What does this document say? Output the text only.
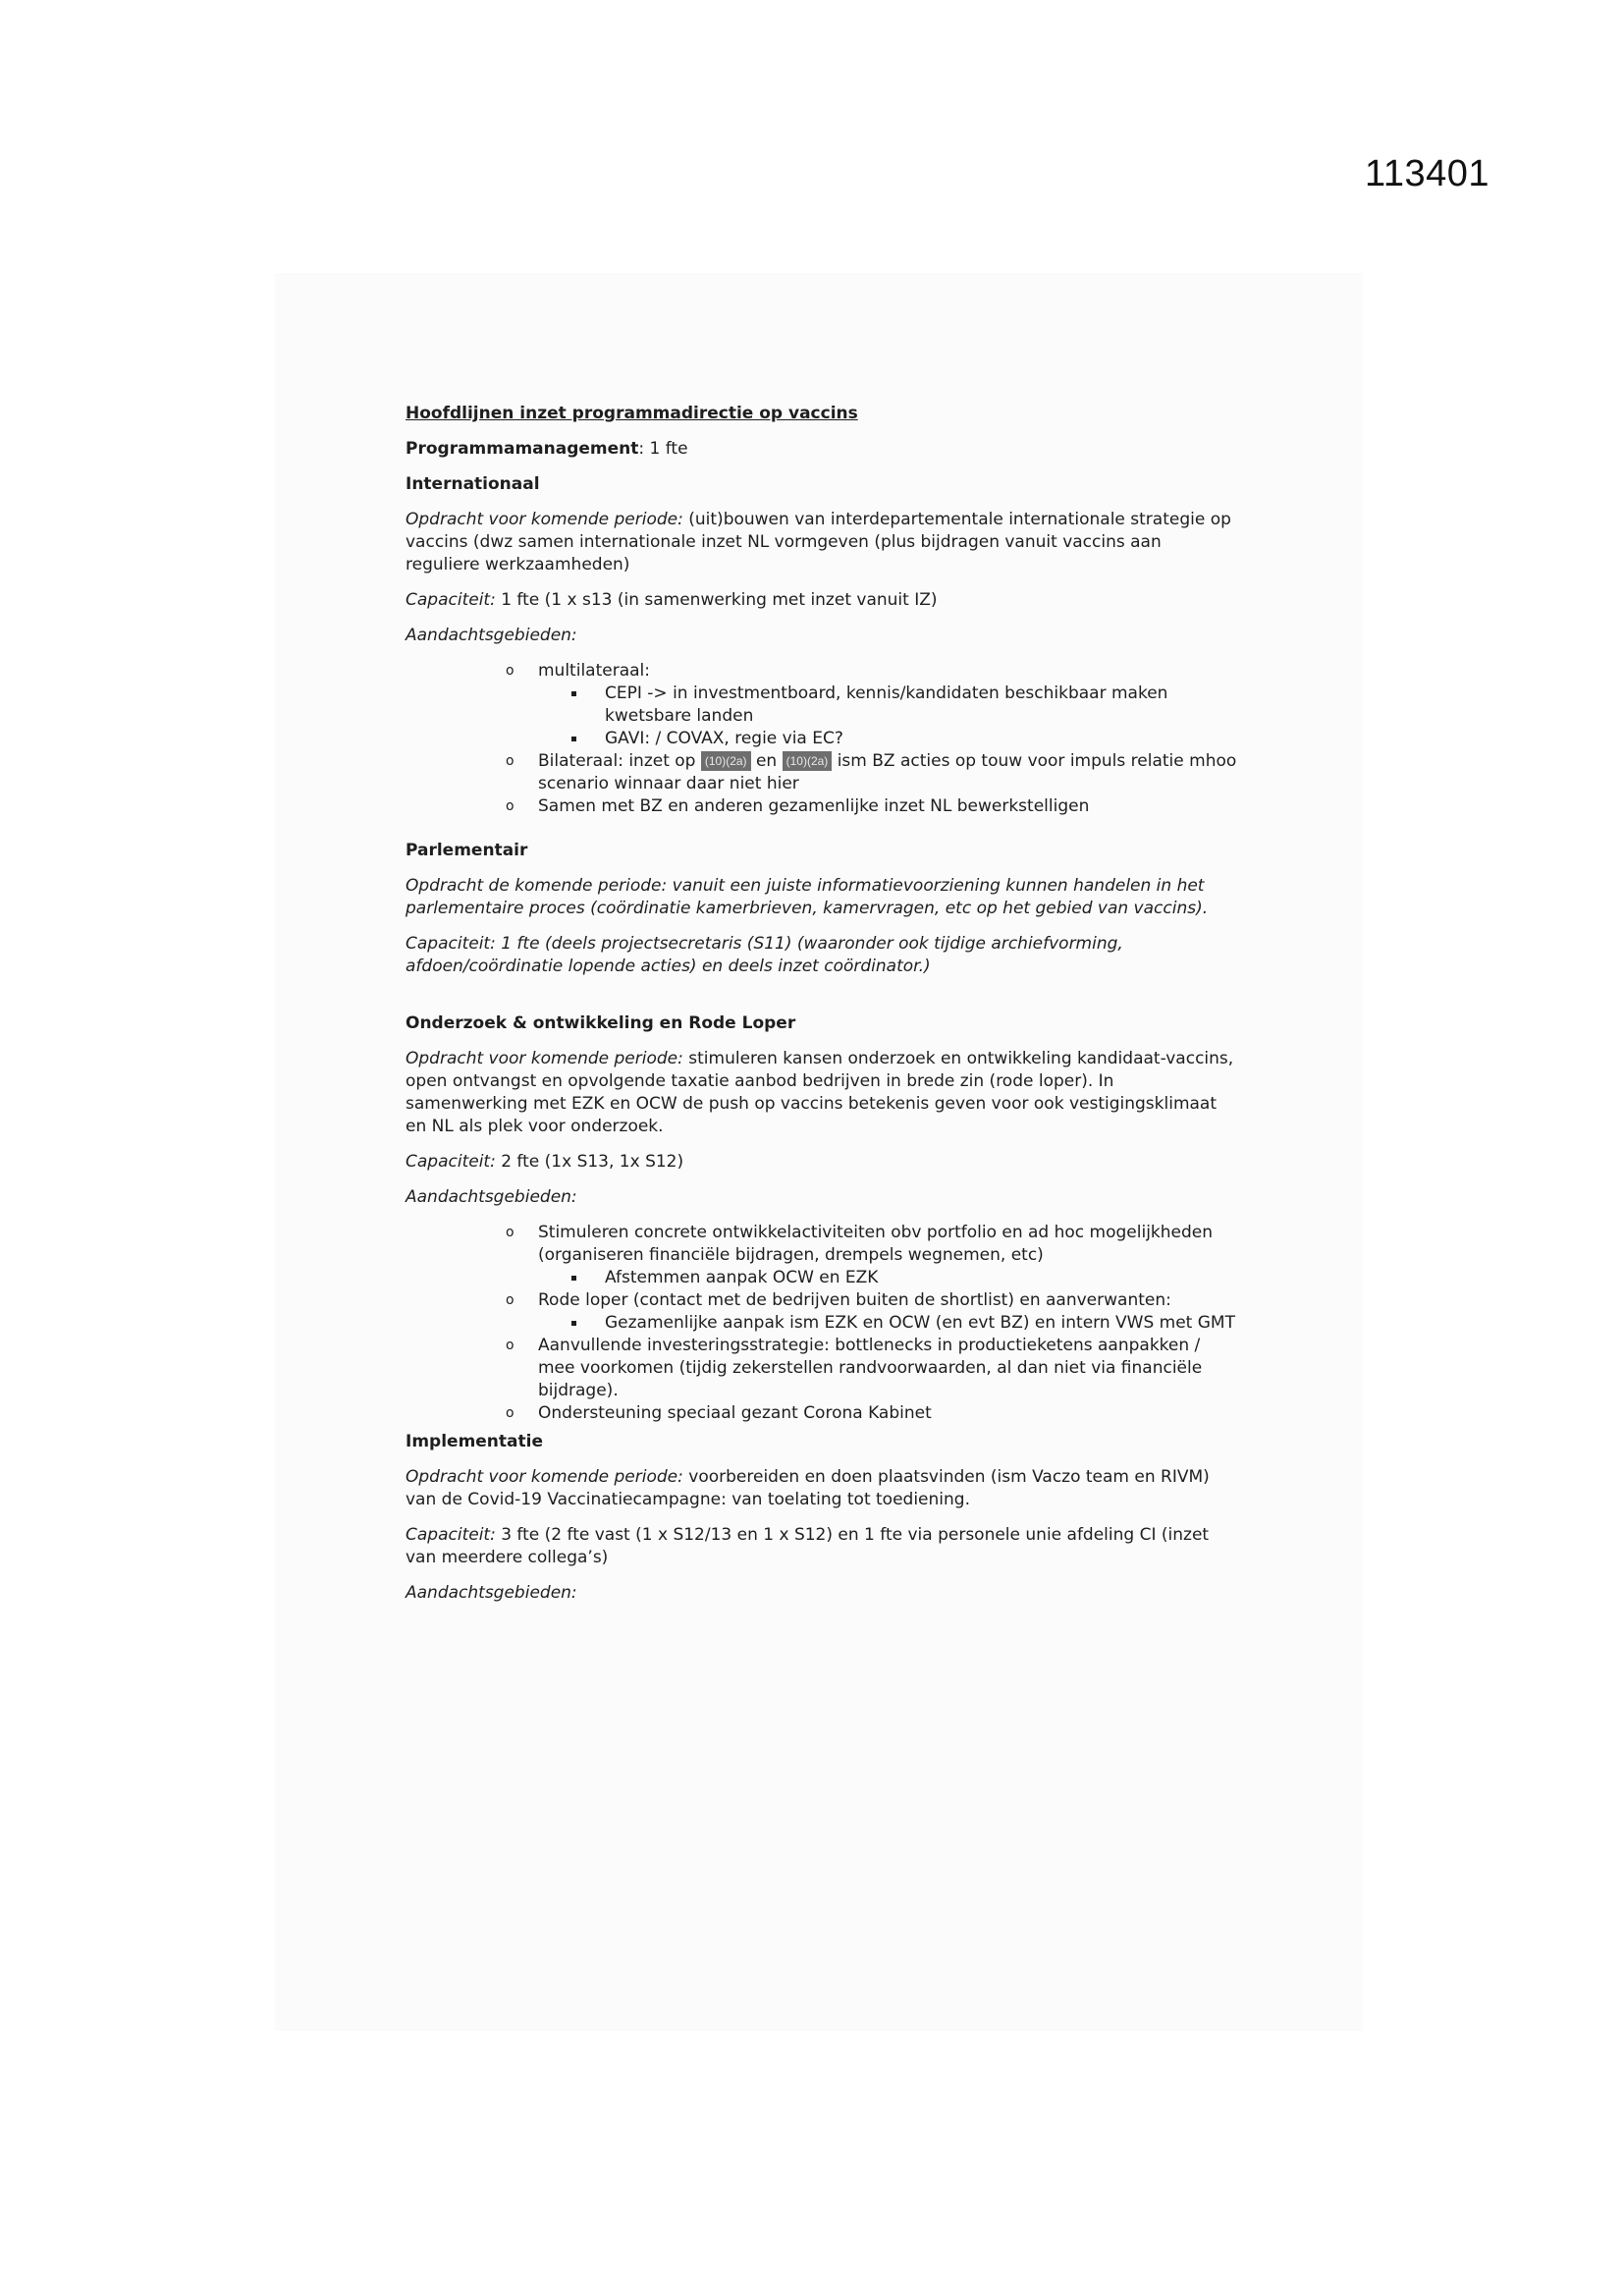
113401
Hoofdlijnen inzet programmadirectie op vaccins
Programmamanagement: 1 fte
Internationaal
Opdracht voor komende periode: (uit)bouwen van interdepartementale internationale strategie op vaccins (dwz samen internationale inzet NL vormgeven (plus bijdragen vanuit vaccins aan reguliere werkzaamheden)
Capaciteit: 1 fte (1 x s13 (in samenwerking met inzet vanuit IZ)
Aandachtsgebieden:
o multilateraal:
CEPI -> in investmentboard, kennis/kandidaten beschikbaar maken kwetsbare landen
GAVI: / COVAX, regie via EC?
o Bilateraal: inzet op (10)(2a) en (10)(2a) ism BZ acties op touw voor impuls relatie mhoo scenario winnaar daar niet hier
o Samen met BZ en anderen gezamenlijke inzet NL bewerkstelligen
Parlementair
Opdracht de komende periode: vanuit een juiste informatievoorziening kunnen handelen in het parlementaire proces (coördinatie kamerbrieven, kamervragen, etc op het gebied van vaccins).
Capaciteit: 1 fte (deels projectsecretaris (S11) (waaronder ook tijdige archiefvorming, afdoen/coördinatie lopende acties) en deels inzet coördinator.)
Onderzoek & ontwikkeling en Rode Loper
Opdracht voor komende periode: stimuleren kansen onderzoek en ontwikkeling kandidaat-vaccins, open ontvangst en opvolgende taxatie aanbod bedrijven in brede zin (rode loper). In samenwerking met EZK en OCW de push op vaccins betekenis geven voor ook vestigingsklimaat en NL als plek voor onderzoek.
Capaciteit: 2 fte (1x S13, 1x S12)
Aandachtsgebieden:
o Stimuleren concrete ontwikkelactiviteiten obv portfolio en ad hoc mogelijkheden (organiseren financiële bijdragen, drempels wegnemen, etc)
Afstemmen aanpak OCW en EZK
o Rode loper (contact met de bedrijven buiten de shortlist) en aanverwanten:
Gezamenlijke aanpak ism EZK en OCW (en evt BZ) en intern VWS met GMT
o Aanvullende investeringsstrategie: bottlenecks in productieketens aanpakken / mee voorkomen (tijdig zekerstellen randvoorwaarden, al dan niet via financiële bijdrage).
o Ondersteuning speciaal gezant Corona Kabinet
Implementatie
Opdracht voor komende periode: voorbereiden en doen plaatsvinden (ism Vaczo team en RIVM) van de Covid-19 Vaccinatiecampagne: van toelating tot toediening.
Capaciteit: 3 fte (2 fte vast (1 x S12/13 en 1 x S12) en 1 fte via personele unie afdeling CI (inzet van meerdere collega’s)
Aandachtsgebieden:
